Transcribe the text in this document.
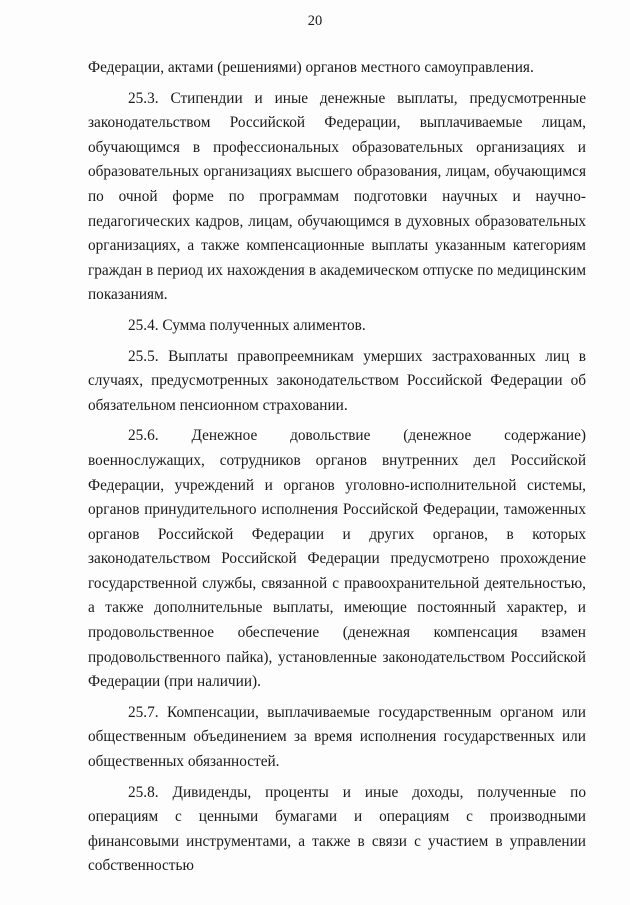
20

Федерации, актами (решениями) органов местного самоуправления.

25.3. Стипендии и иные денежные выплаты, предусмотренные законодательством Российской Федерации, выплачиваемые лицам, обучающимся в профессиональных образовательных организациях и образовательных организациях высшего образования, лицам, обучающимся по очной форме по программам подготовки научных и научно-педагогических кадров, лицам, обучающимся в духовных образовательных организациях, а также компенсационные выплаты указанным категориям граждан в период их нахождения в академическом отпуске по медицинским показаниям.

25.4. Сумма полученных алиментов.

25.5. Выплаты правопреемникам умерших застрахованных лиц в случаях, предусмотренных законодательством Российской Федерации об обязательном пенсионном страховании.

25.6. Денежное довольствие (денежное содержание) военнослужащих, сотрудников органов внутренних дел Российской Федерации, учреждений и органов уголовно-исполнительной системы, органов принудительного исполнения Российской Федерации, таможенных органов Российской Федерации и других органов, в которых законодательством Российской Федерации предусмотрено прохождение государственной службы, связанной с правоохранительной деятельностью, а также дополнительные выплаты, имеющие постоянный характер, и продовольственное обеспечение (денежная компенсация взамен продовольственного пайка), установленные законодательством Российской Федерации (при наличии).

25.7. Компенсации, выплачиваемые государственным органом или общественным объединением за время исполнения государственных или общественных обязанностей.

25.8. Дивиденды, проценты и иные доходы, полученные по операциям с ценными бумагами и операциям с производными финансовыми инструментами, а также в связи с участием в управлении собственностью
